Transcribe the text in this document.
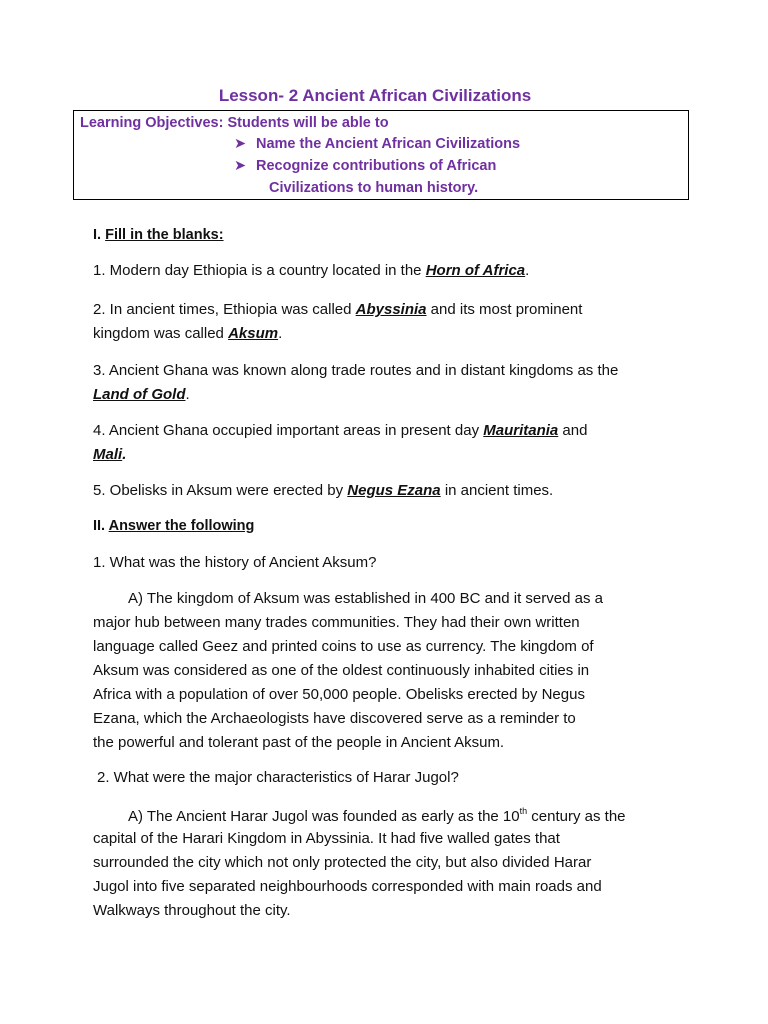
Lesson- 2 Ancient African Civilizations
Learning Objectives: Students will be able to
➤ Name the Ancient African Civilizations
➤ Recognize contributions of African
Civilizations to human history.
I. Fill in the blanks:
1. Modern day Ethiopia is a country located in the Horn of Africa.
2. In ancient times, Ethiopia was called Abyssinia and its most prominent
kingdom was called Aksum.
3. Ancient Ghana was known along trade routes and in distant kingdoms as the
Land of Gold.
4. Ancient Ghana occupied important areas in present day Mauritania and
Mali.
5. Obelisks in Aksum were erected by Negus Ezana in ancient times.
II. Answer the following
1. What was the history of Ancient Aksum?
A) The kingdom of Aksum was established in 400 BC and it served as a
major hub between many trades communities. They had their own written
language called Geez and printed coins to use as currency. The kingdom of
Aksum was considered as one of the oldest continuously inhabited cities in
Africa with a population of over 50,000 people. Obelisks erected by Negus
Ezana, which the Archaeologists have discovered serve as a reminder to
the powerful and tolerant past of the people in Ancient Aksum.
2. What were the major characteristics of Harar Jugol?
A) The Ancient Harar Jugol was founded as early as the 10th century as the
capital of the Harari Kingdom in Abyssinia. It had five walled gates that
surrounded the city which not only protected the city, but also divided Harar
Jugol into five separated neighbourhoods corresponded with main roads and
Walkways throughout the city.
